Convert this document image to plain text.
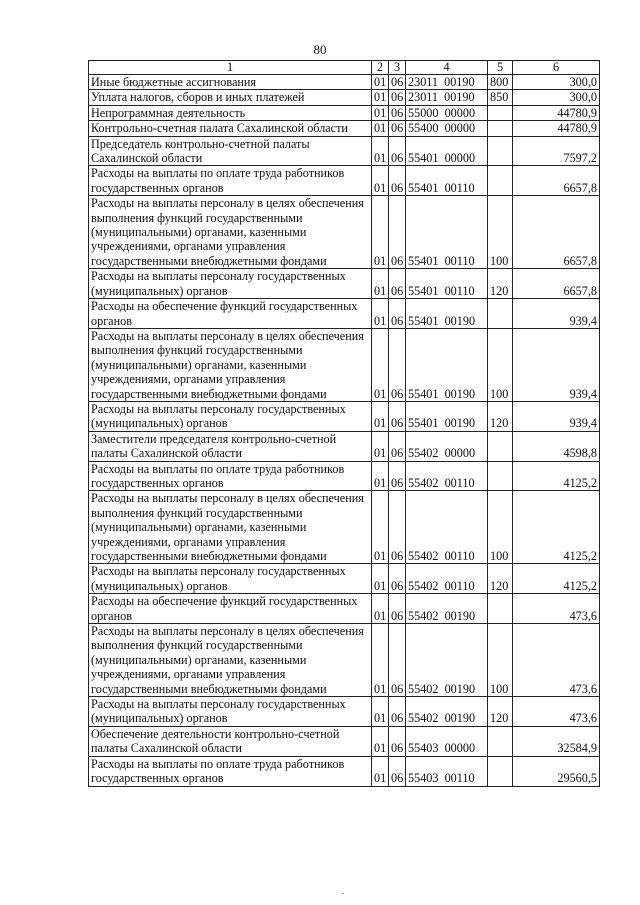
80
1	2	3	4	5	6
Иные бюджетные ассигнования	01	06	23011  00190	800	300,0
Уплата налогов, сборов и иных платежей	01	06	23011  00190	850	300,0
Непрограммная деятельность	01	06	55000  00000		44780,9
Контрольно-счетная палата Сахалинской области	01	06	55400  00000		44780,9
Председатель контрольно-счетной палаты Сахалинской области	01	06	55401  00000		7597,2
Расходы на выплаты по оплате труда работников государственных органов	01	06	55401  00110		6657,8
Расходы на выплаты персоналу в целях обеспечения выполнения функций государственными (муниципальными) органами, казенными учреждениями, органами управления государственными внебюджетными фондами	01	06	55401  00110	100	6657,8
Расходы на выплаты персоналу государственных (муниципальных) органов	01	06	55401  00110	120	6657,8
Расходы на обеспечение функций государственных органов	01	06	55401  00190		939,4
Расходы на выплаты персоналу в целях обеспечения выполнения функций государственными (муниципальными) органами, казенными учреждениями, органами управления государственными внебюджетными фондами	01	06	55401  00190	100	939,4
Расходы на выплаты персоналу государственных (муниципальных) органов	01	06	55401  00190	120	939,4
Заместители председателя контрольно-счетной палаты Сахалинской области	01	06	55402  00000		4598,8
Расходы на выплаты по оплате труда работников государственных органов	01	06	55402  00110		4125,2
Расходы на выплаты персоналу в целях обеспечения выполнения функций государственными (муниципальными) органами, казенными учреждениями, органами управления государственными внебюджетными фондами	01	06	55402  00110	100	4125,2
Расходы на выплаты персоналу государственных (муниципальных) органов	01	06	55402  00110	120	4125,2
Расходы на обеспечение функций государственных органов	01	06	55402  00190		473,6
Расходы на выплаты персоналу в целях обеспечения выполнения функций государственными (муниципальными) органами, казенными учреждениями, органами управления государственными внебюджетными фондами	01	06	55402  00190	100	473,6
Расходы на выплаты персоналу государственных (муниципальных) органов	01	06	55402  00190	120	473,6
Обеспечение деятельности контрольно-счетной палаты Сахалинской области	01	06	55403  00000		32584,9
Расходы на выплаты по оплате труда работников государственных органов	01	06	55403  00110		29560,5
